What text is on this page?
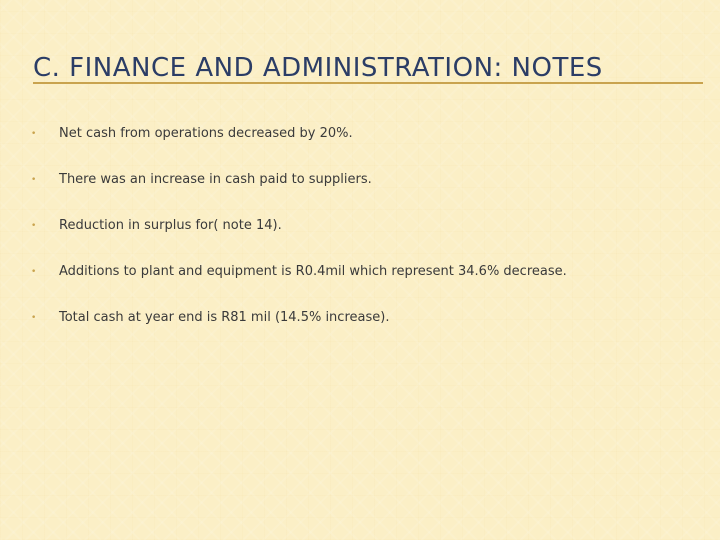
C. FINANCE AND ADMINISTRATION: NOTES
•	Net cash from operations decreased by 20%.
•	There was an increase in cash paid to suppliers.
•	Reduction in surplus for( note 14).
•	Additions to plant and equipment is R0.4mil which represent 34.6% decrease.
•	Total cash at year end is R81 mil (14.5% increase).
